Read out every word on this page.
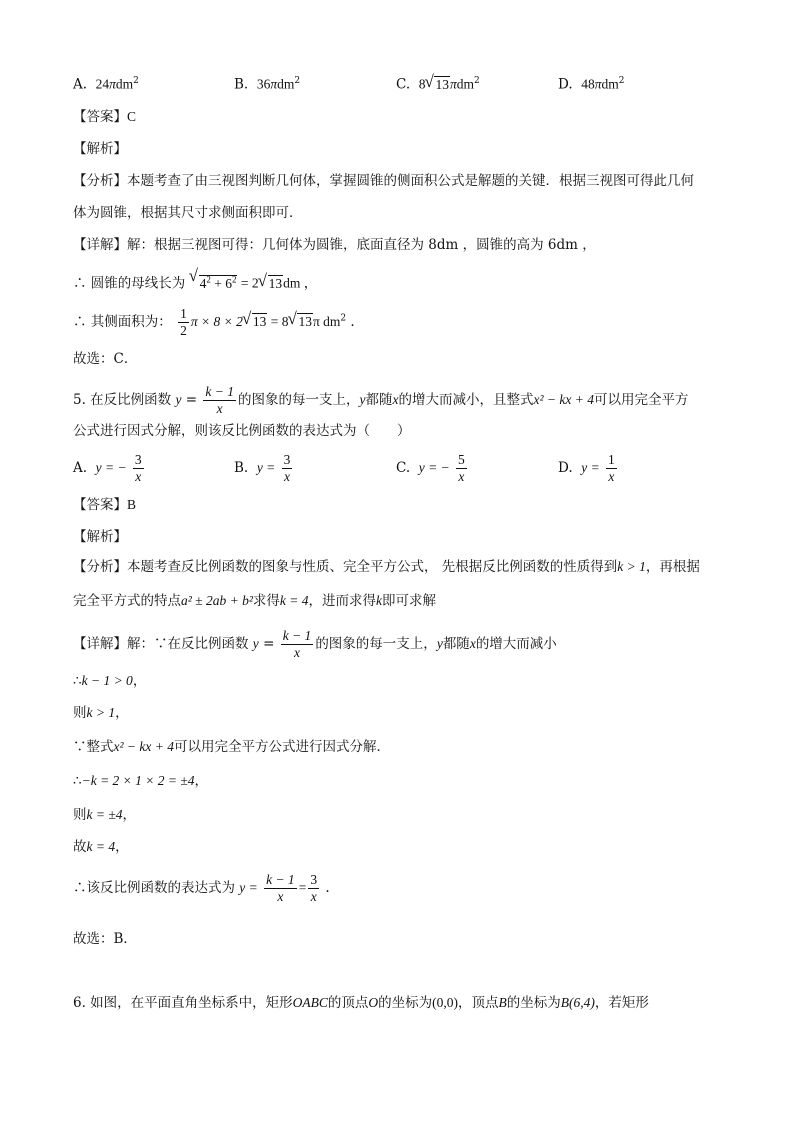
A. 24πdm$^2$	B. 36πdm$^2$	C. 8√ 13πdm$^2$	D. 48πdm$^2$
【答案】C
【解析】
【分析】本题考查了由三视图判断几何体，掌握圆锥的侧面积公式是解题的关键．根据三视图可得此几何
体为圆锥，根据其尺寸求侧面积即可．
【详解】解：根据三视图可得：几何体为圆锥，底面直径为 8dm ，圆锥的高为 6dm ，
∴ 圆锥的母线长为 √ $4^2 + 6^2 = 2√$ 13dm ，
∴ 其侧面积为： $\frac{1}{2}$ π × 8 × 2√ 13 = 8√ 13π $dm^2$ .
故选：C．
5. 在反比例函数 $y = \frac{k - 1}{x}$ 的图象的每一支上，y都随x的增大而减小，且整式x² − kx + 4可以用完全平方
公式进行因式分解，则该反比例函数的表达式为（　　）
A. y = − $\frac{3}{x}$	B. $y = \frac{3}{x}$	C. y = − $\frac{5}{x}$	D. $y = \frac{1}{x}$
【答案】B
【解析】
【分析】本题考查反比例函数的图象与性质、完全平方公式， 先根据反比例函数的性质得到k > 1，再根据
完全平方式的特点a² ± 2ab + b²求得k = 4，进而求得k即可求解
【详解】解：∵在反比例函数 $y = \frac{k - 1}{x}$ 的图象的每一支上，y都随x的增大而减小
∴k − 1 > 0，
则k > 1，
∵整式x² − kx + 4可以用完全平方公式进行因式分解．
∴−k = 2 × 1 × 2 = ±4，
则k = ±4，
故k = 4，
∴该反比例函数的表达式为 $y = \frac{k - 1}{x} = \frac{3}{x}$ .
故选：B．
6. 如图，在平面直角坐标系中，矩形OABC的顶点O的坐标为(0,0)，顶点B的坐标为B(6,4)，若矩形
